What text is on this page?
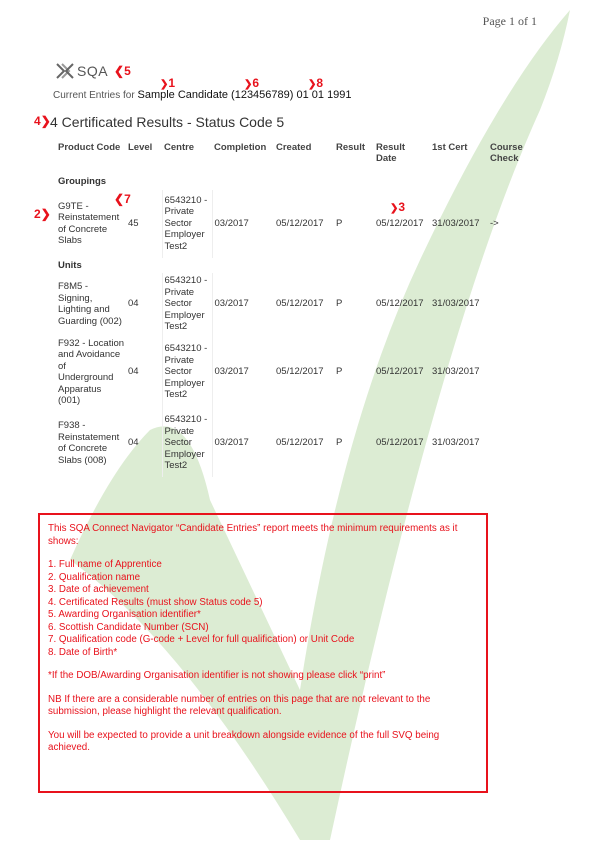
Page 1 of 1
SQA ❮5
❯1	❯6	❯8
4❯
❮7
2❯	❯3
Current Entries for Sample Candidate (123456789) 01 01 1991
4 Certificated Results - Status Code 5
Product Code	Level	Centre	Completion	Created	Result	Result Date	1st Cert	Course Check
Groupings								
G9TE - Reinstatement of Concrete Slabs	45	6543210 - Private Sector Employer Test2	03/2017	05/12/2017	P	05/12/2017	31/03/2017	->
Units								
F8M5 - Signing, Lighting and Guarding (002)	04	6543210 - Private Sector Employer Test2	03/2017	05/12/2017	P	05/12/2017	31/03/2017	
F932 - Location and Avoidance of Underground Apparatus (001)	04	6543210 - Private Sector Employer Test2	03/2017	05/12/2017	P	05/12/2017	31/03/2017	
F938 - Reinstatement of Concrete Slabs (008)	04	6543210 - Private Sector Employer Test2	03/2017	05/12/2017	P	05/12/2017	31/03/2017	

This SQA Connect Navigator “Candidate Entries” report meets the minimum requirements as it shows:

1. Full name of Apprentice
2. Qualification name
3. Date of achievement
4. Certificated Results (must show Status code 5)
5. Awarding Organisation identifier*
6. Scottish Candidate Number (SCN)
7. Qualification code (G-code + Level for full qualification) or Unit Code
8. Date of Birth*

*If the DOB/Awarding Organisation identifier is not showing please click “print”

NB If there are a considerable number of entries on this page that are not relevant to the submission, please highlight the relevant qualification.

You will be expected to provide a unit breakdown alongside evidence of the full SVQ being achieved.
